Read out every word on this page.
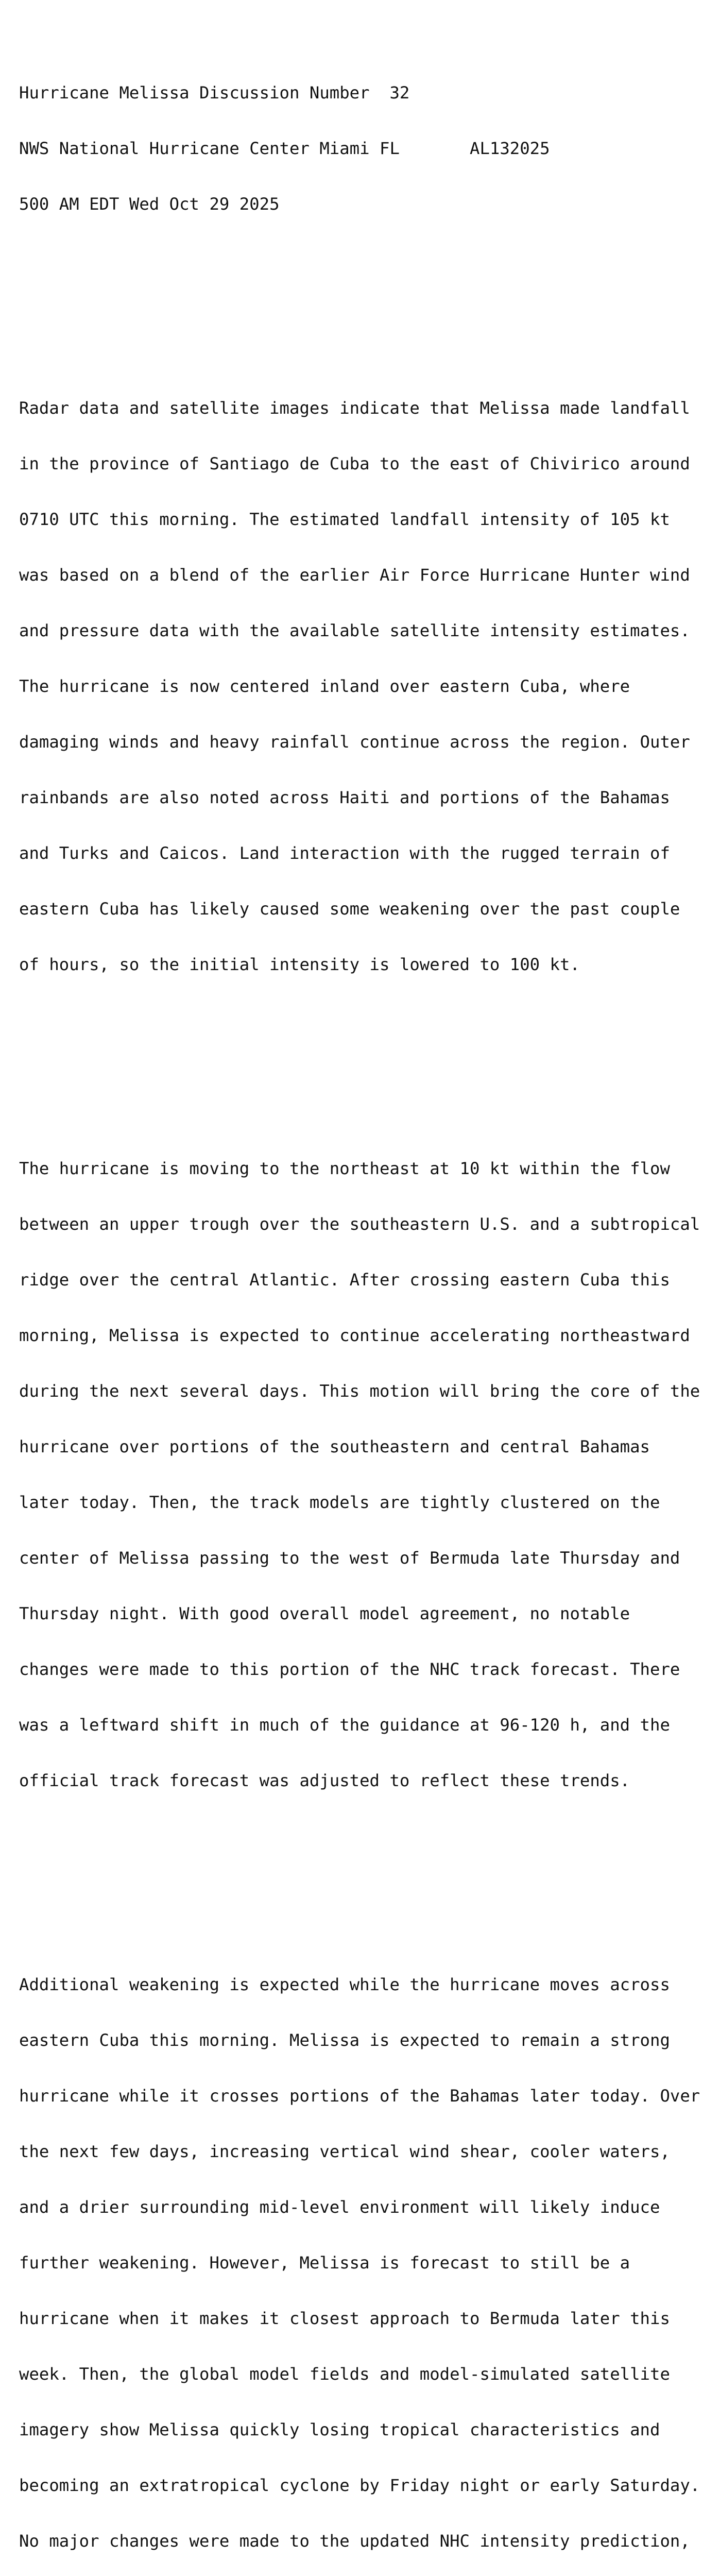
Hurricane Melissa Discussion Number  32

NWS National Hurricane Center Miami FL       AL132025

500 AM EDT Wed Oct 29 2025

Radar data and satellite images indicate that Melissa made landfall

in the province of Santiago de Cuba to the east of Chivirico around

0710 UTC this morning. The estimated landfall intensity of 105 kt

was based on a blend of the earlier Air Force Hurricane Hunter wind

and pressure data with the available satellite intensity estimates.

The hurricane is now centered inland over eastern Cuba, where

damaging winds and heavy rainfall continue across the region. Outer

rainbands are also noted across Haiti and portions of the Bahamas

and Turks and Caicos. Land interaction with the rugged terrain of

eastern Cuba has likely caused some weakening over the past couple

of hours, so the initial intensity is lowered to 100 kt.

The hurricane is moving to the northeast at 10 kt within the flow

between an upper trough over the southeastern U.S. and a subtropical

ridge over the central Atlantic. After crossing eastern Cuba this

morning, Melissa is expected to continue accelerating northeastward

during the next several days. This motion will bring the core of the

hurricane over portions of the southeastern and central Bahamas

later today. Then, the track models are tightly clustered on the

center of Melissa passing to the west of Bermuda late Thursday and

Thursday night. With good overall model agreement, no notable

changes were made to this portion of the NHC track forecast. There

was a leftward shift in much of the guidance at 96-120 h, and the

official track forecast was adjusted to reflect these trends.

Additional weakening is expected while the hurricane moves across

eastern Cuba this morning. Melissa is expected to remain a strong

hurricane while it crosses portions of the Bahamas later today. Over

the next few days, increasing vertical wind shear, cooler waters,

and a drier surrounding mid-level environment will likely induce

further weakening. However, Melissa is forecast to still be a

hurricane when it makes it closest approach to Bermuda later this

week. Then, the global model fields and model-simulated satellite

imagery show Melissa quickly losing tropical characteristics and

becoming an extratropical cyclone by Friday night or early Saturday.

No major changes were made to the updated NHC intensity prediction,
